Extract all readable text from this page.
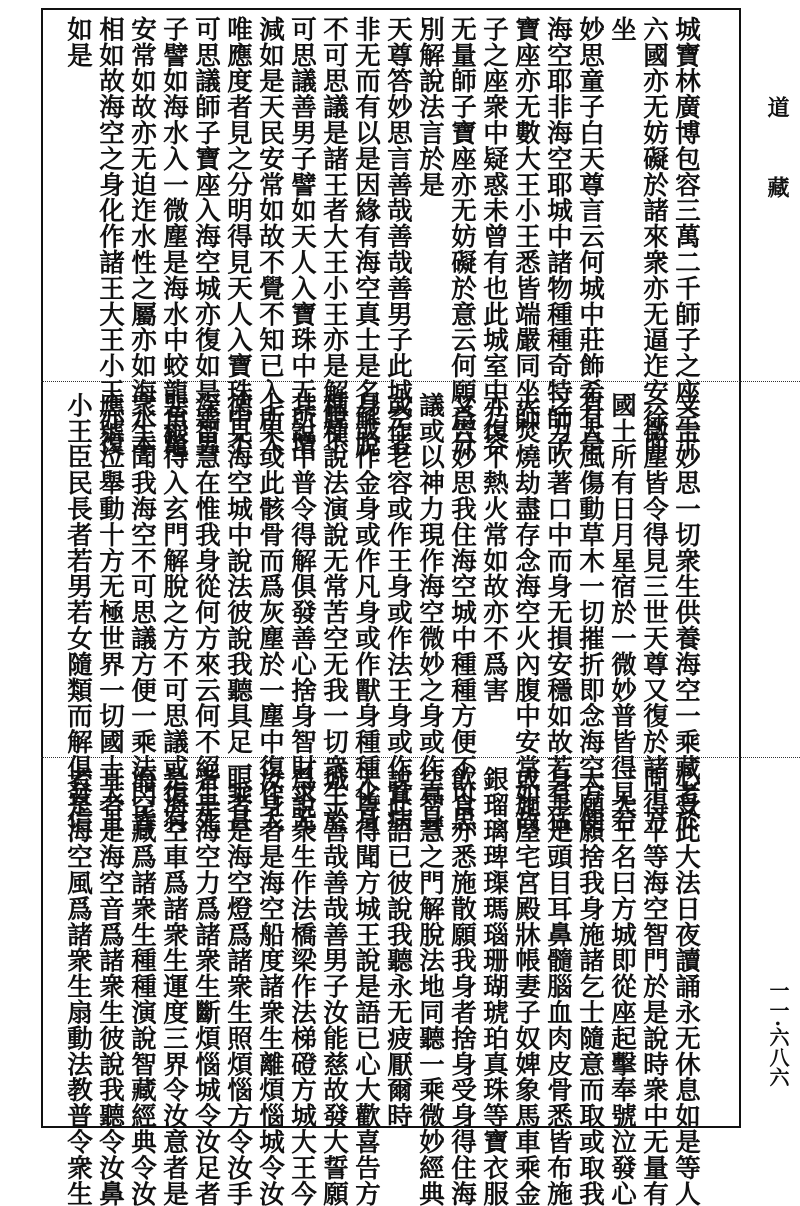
城寶林廣博包容三萬二千師子之座三十
六國亦无妨礙於諸來衆亦无逼迮安徐而
坐
妙思童子白天尊言云何城中莊飾希有是
海空耶非海空耶城中諸物種種奇特師子
寶座亦无數大王小王悉皆端嚴同坐師
子之座衆中疑惑未曾有也此城室中乃容
无量師子寶座亦无妨礙於意云何願爲分
別解說法言於是
天尊答妙思言善哉善哉善男子此城空者
非无而有以是因緣有海空真士是名解脫
不可思議是諸王者大王小王亦是解脫不
可思議善男子譬如天人入寶珠中无所增
減如是天民安常如故不覺不知已入所入
唯應度者見之分明得見天人入寶珠中不
可思議師子寶座入海空城亦復如是善男
子譬如海水入一微塵是海水中蛟龍魚鼈
安常如故亦无迫迮水性之屬亦如海水本
相如故海空之身化作諸王大王小王亦復
如是
又告妙思一切衆生供養海空一乘藏者於
一微塵皆令得見三世天尊又復於諸十方
國土所有日月星宿於一微妙普皆得見若
有大風傷動草木一切摧折即念海空方便
之力吹著口中而身无損安穩如故若有猛
火焚燒劫盡存念海空火內腹中安常如故
亦復不熱火常如故亦不爲害
又告妙思我住海空城中種種方便不可思
議或以神力現作海空微妙之身或作真身
或作老容或作王身或作法王身或作貧病
身或作金身或作凡身或作獸身種種化身
種種說法演說无常苦空无我一切衆生於
其說中普令得解俱發善心捨身智財求无
上果或此骸骨而爲灰塵於一塵中復作大
德見海空城中說法彼說我聽具足一乘甚
深智慧在惟我身從何方來云何不絕生死
惡根得入玄門解脫之方不可思議或復有
衆生聞我海空不可思議方便一乘法門皆
應號泣舉動十方无極世界一切國土大王
小王臣民長者若男若女隨類而解俱發信
心受此大法日夜讀誦永无休息如是等人
同得平等海空智門於是說時衆中无量有
一大王名曰方城即從座起擊奉號泣發心
大願願捨我身施諸乞士隨意而取或取我
身手足頭目耳鼻髓腦血肉皮骨悉皆布施
或施屋宅宮殿牀帳妻子奴婢象馬車乘金
銀瑠璃琕璖瑪瑙珊瑚琥珀真珠等寶衣服
飲食亦悉施散願我身者捨身受身得住海
空智慧之門解脫法地同聽一乘微妙經典
說此語已彼說我聽永无疲厭爾時
天尊得聞方城王說是語已心大歡喜告方
城王善哉善哉善男子汝能慈故發大誓願
爲說衆生作法橋梁作法梯磴方城大王今
汝身者是海空船度諸衆生離煩惱城令汝
眼者是海空燈爲諸衆生照煩惱方令汝手
者是海空力爲諸衆生斷煩惱城令汝足者
是海空車爲諸衆生運度三界令汝意者是
海空藏爲諸衆生種種演說智藏經典令汝
耳者是海空音爲諸衆生彼說我聽令汝鼻
者是海空風爲諸衆生扇動法教普令衆生
道
藏
一一·六八六
